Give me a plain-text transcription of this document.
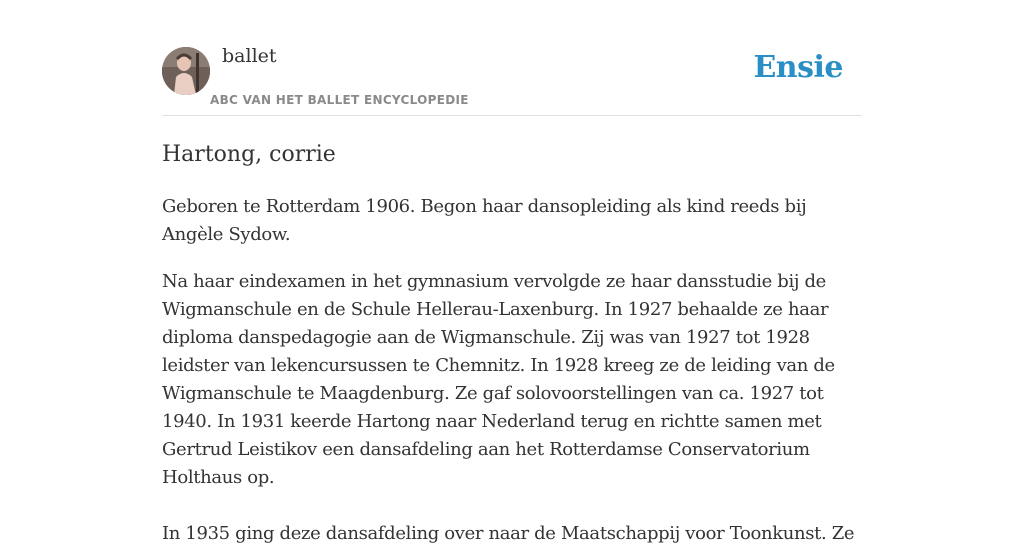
ballet
ABC VAN HET BALLET ENCYCLOPEDIE
Ensie
Hartong, corrie

Geboren te Rotterdam 1906. Begon haar dansopleiding als kind reeds bij Angèle Sydow.

Na haar eindexamen in het gymnasium vervolgde ze haar dansstudie bij de Wigmanschule en de Schule Hellerau-Laxenburg. In 1927 behaalde ze haar diploma danspedagogie aan de Wigmanschule. Zij was van 1927 tot 1928 leidster van lekencursussen te Chemnitz. In 1928 kreeg ze de leiding van de Wigmanschule te Maagdenburg. Ze gaf solovoorstellingen van ca. 1927 tot 1940. In 1931 keerde Hartong naar Nederland terug en richtte samen met Gertrud Leistikov een dansafdeling aan het Rotterdamse Conservatorium Holthaus op.

In 1935 ging deze dansafdeling over naar de Maatschappij voor Toonkunst. Ze
